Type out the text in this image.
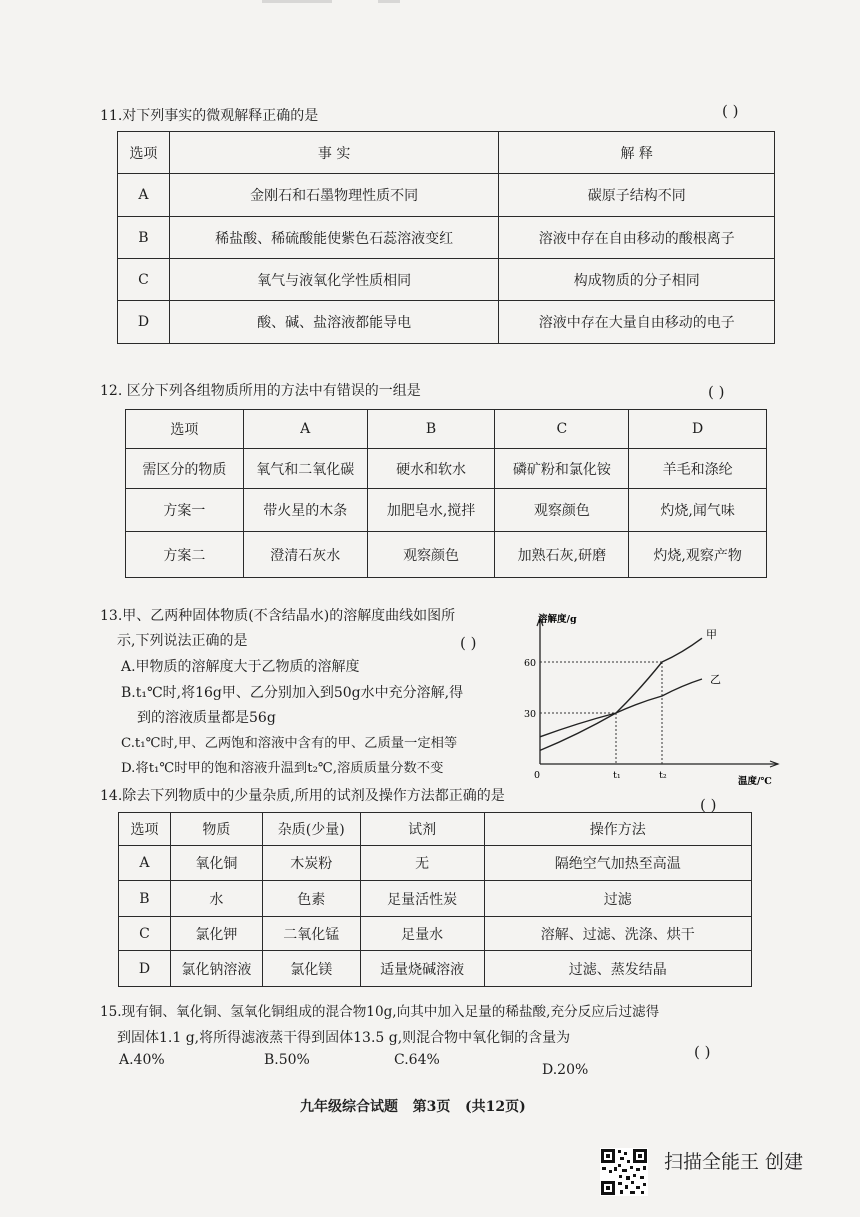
11.对下列事实的微观解释正确的是	( )
选项	事 实	解 释
A	金刚石和石墨物理性质不同	碳原子结构不同
B	稀盐酸、稀硫酸能使紫色石蕊溶液变红	溶液中存在自由移动的酸根离子
C	氧气与液氧化学性质相同	构成物质的分子相同
D	酸、碱、盐溶液都能导电	溶液中存在大量自由移动的电子
12. 区分下列各组物质所用的方法中有错误的一组是	( )
选项	A	B	C	D
需区分的物质	氧气和二氧化碳	硬水和软水	磷矿粉和氯化铵	羊毛和涤纶
方案一	带火星的木条	加肥皂水,搅拌	观察颜色	灼烧,闻气味
方案二	澄清石灰水	观察颜色	加熟石灰,研磨	灼烧,观察产物
13.甲、乙两种固体物质(不含结晶水)的溶解度曲线如图所
示,下列说法正确的是	( )
A.甲物质的溶解度大于乙物质的溶解度
B.t₁℃时,将16g甲、乙分别加入到50g水中充分溶解,得
到的溶液质量都是56g
C.t₁℃时,甲、乙两饱和溶液中含有的甲、乙质量一定相等
D.将t₁℃时甲的饱和溶液升温到t₂℃,溶质质量分数不变
溶解度/g
温度/℃
0
30
60
t₁	t₂
甲
乙
14.除去下列物质中的少量杂质,所用的试剂及操作方法都正确的是	( )
选项	物质	杂质(少量)	试剂	操作方法
A	氧化铜	木炭粉	无	隔绝空气加热至高温
B	水	色素	足量活性炭	过滤
C	氯化钾	二氧化锰	足量水	溶解、过滤、洗涤、烘干
D	氯化钠溶液	氯化镁	适量烧碱溶液	过滤、蒸发结晶
15.现有铜、氧化铜、氢氧化铜组成的混合物10g,向其中加入足量的稀盐酸,充分反应后过滤得
到固体1.1 g,将所得滤液蒸干得到固体13.5 g,则混合物中氧化铜的含量为
( )
A.40%	B.50%	C.64%
D.20%
九年级综合试题   第3页   (共12页)
扫描全能王 创建
